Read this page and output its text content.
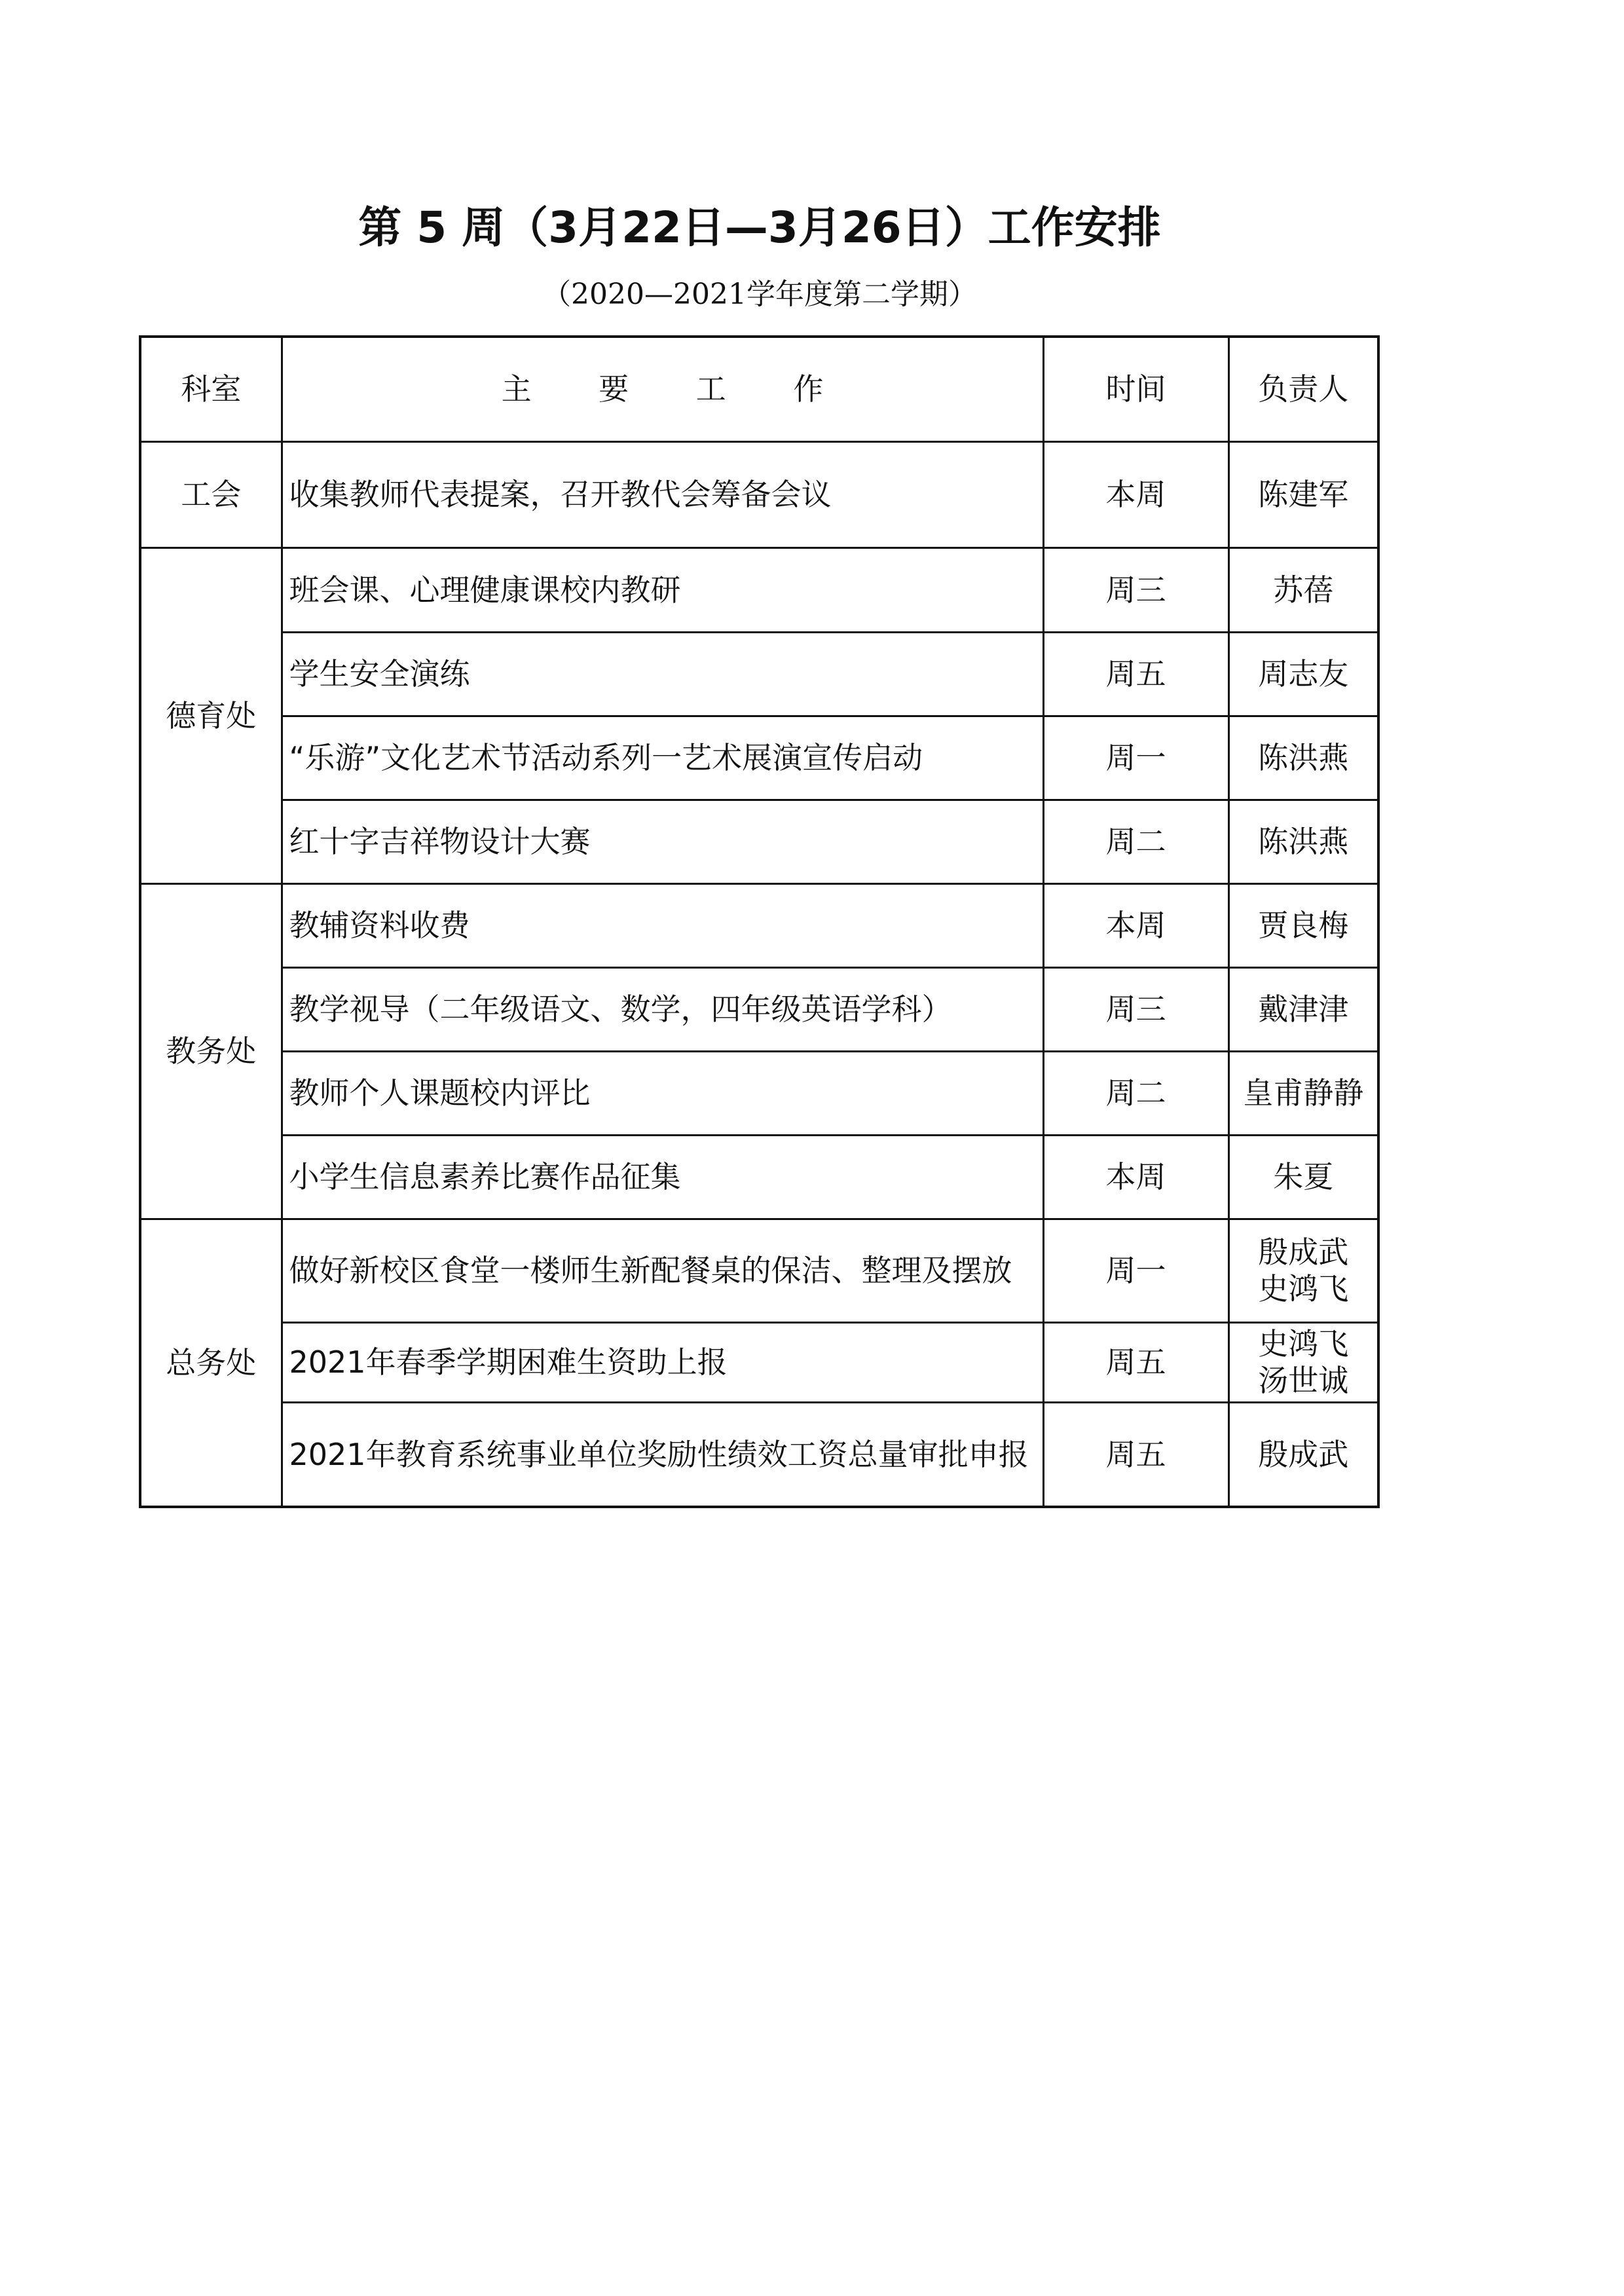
第 5 周（3月22日—3月26日）工作安排
（2020—2021学年度第二学期）
科室	主 要 工 作	时间	负责人
工会	收集教师代表提案，召开教代会筹备会议	本周	陈建军
德育处	班会课、心理健康课校内教研	周三	苏蓓
	学生安全演练	周五	周志友
	“乐游”文化艺术节活动系列一艺术展演宣传启动	周一	陈洪燕
	红十字吉祥物设计大赛	周二	陈洪燕
教务处	教辅资料收费	本周	贾良梅
	教学视导（二年级语文、数学，四年级英语学科）	周三	戴津津
	教师个人课题校内评比	周二	皇甫静静
	小学生信息素养比赛作品征集	本周	朱夏
总务处	做好新校区食堂一楼师生新配餐桌的保洁、整理及摆放	周一	殷成武
史鸿飞
	2021年春季学期困难生资助上报	周五	史鸿飞
汤世诚
	2021年教育系统事业单位奖励性绩效工资总量审批申报	周五	殷成武
